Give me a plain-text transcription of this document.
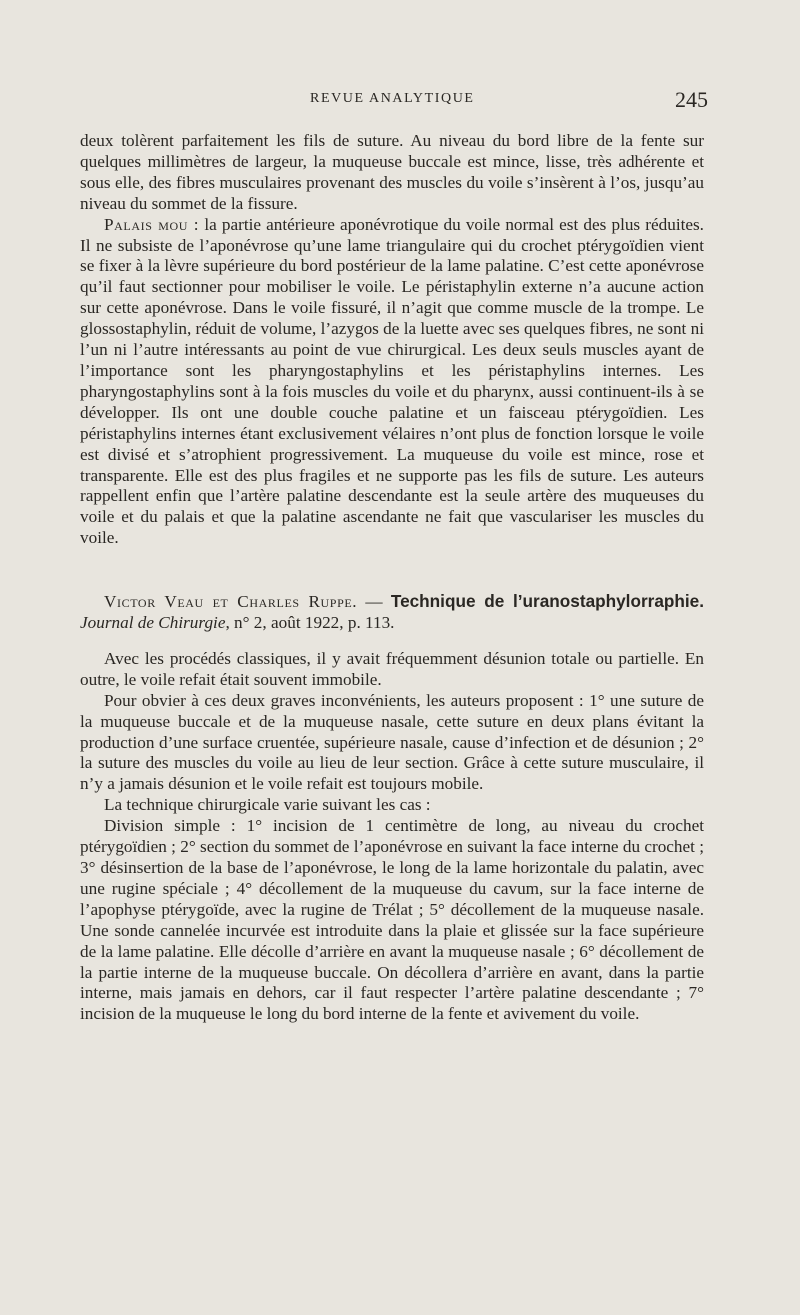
REVUE ANALYTIQUE	245

deux tolèrent parfaitement les fils de suture. Au niveau du bord libre de la fente sur quelques millimètres de largeur, la muqueuse buccale est mince, lisse, très adhérente et sous elle, des fibres musculaires provenant des muscles du voile s’insèrent à l’os, jusqu’au niveau du sommet de la fissure.

Palais mou : la partie antérieure aponévrotique du voile normal est des plus réduites. Il ne subsiste de l’aponévrose qu’une lame triangulaire qui du crochet ptérygoïdien vient se fixer à la lèvre supérieure du bord postérieur de la lame palatine. C’est cette aponévrose qu’il faut sectionner pour mobiliser le voile. Le péristaphylin externe n’a aucune action sur cette aponévrose. Dans le voile fissuré, il n’agit que comme muscle de la trompe. Le glossostaphylin, réduit de volume, l’azygos de la luette avec ses quelques fibres, ne sont ni l’un ni l’autre intéressants au point de vue chirurgical. Les deux seuls muscles ayant de l’importance sont les pharyngostaphylins et les péristaphylins internes. Les pharyngostaphylins sont à la fois muscles du voile et du pharynx, aussi continuent-ils à se développer. Ils ont une double couche palatine et un faisceau ptérygoïdien. Les péristaphylins internes étant exclusivement vélaires n’ont plus de fonction lorsque le voile est divisé et s’atrophient progressivement. La muqueuse du voile est mince, rose et transparente. Elle est des plus fragiles et ne supporte pas les fils de suture. Les auteurs rappellent enfin que l’artère palatine descendante est la seule artère des muqueuses du voile et du palais et que la palatine ascendante ne fait que vasculariser les muscles du voile.

Victor Veau et Charles Ruppe. — Technique de l’uranostaphylorraphie. Journal de Chirurgie, n° 2, août 1922, p. 113.

Avec les procédés classiques, il y avait fréquemment désunion totale ou partielle. En outre, le voile refait était souvent immobile.

Pour obvier à ces deux graves inconvénients, les auteurs proposent : 1° une suture de la muqueuse buccale et de la muqueuse nasale, cette suture en deux plans évitant la production d’une surface cruentée, supérieure nasale, cause d’infection et de désunion ; 2° la suture des muscles du voile au lieu de leur section. Grâce à cette suture musculaire, il n’y a jamais désunion et le voile refait est toujours mobile.

La technique chirurgicale varie suivant les cas :

Division simple : 1° incision de 1 centimètre de long, au niveau du crochet ptérygoïdien ; 2° section du sommet de l’aponévrose en suivant la face interne du crochet ; 3° désinsertion de la base de l’aponévrose, le long de la lame horizontale du palatin, avec une rugine spéciale ; 4° décollement de la muqueuse du cavum, sur la face interne de l’apophyse ptérygoïde, avec la rugine de Trélat ; 5° décollement de la muqueuse nasale. Une sonde cannelée incurvée est introduite dans la plaie et glissée sur la face supérieure de la lame palatine. Elle décolle d’arrière en avant la muqueuse nasale ; 6° décollement de la partie interne de la muqueuse buccale. On décollera d’arrière en avant, dans la partie interne, mais jamais en dehors, car il faut respecter l’artère palatine descendante ; 7° incision de la muqueuse le long du bord interne de la fente et avivement du voile.
